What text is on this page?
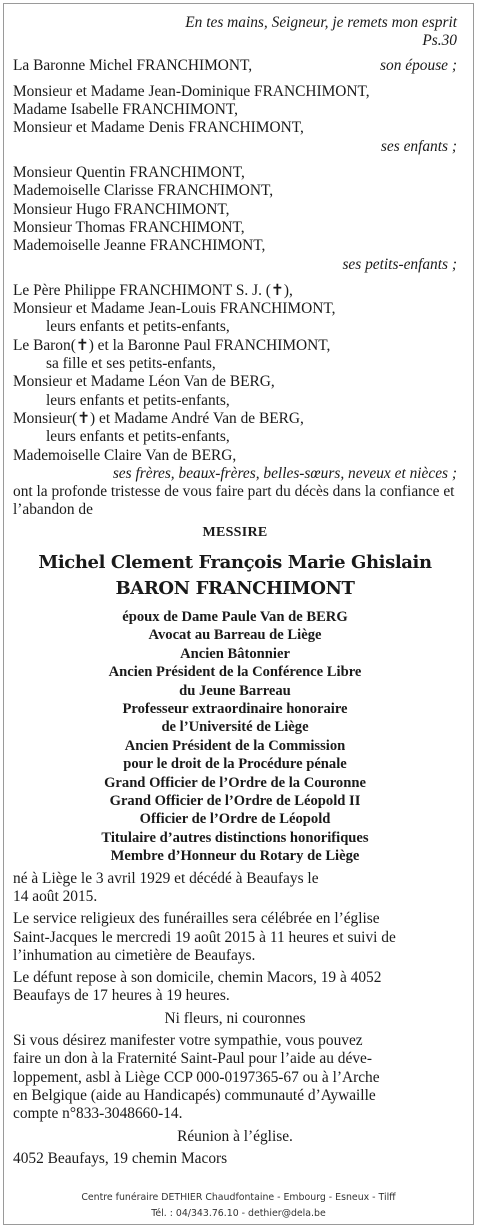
En tes mains, Seigneur, je remets mon esprit
Ps.30
La Baronne Michel FRANCHIMONT,	son épouse ;
Monsieur et Madame Jean-Dominique FRANCHIMONT,
Madame Isabelle FRANCHIMONT,
Monsieur et Madame Denis FRANCHIMONT,
ses enfants ;
Monsieur Quentin FRANCHIMONT,
Mademoiselle Clarisse FRANCHIMONT,
Monsieur Hugo FRANCHIMONT,
Monsieur Thomas FRANCHIMONT,
Mademoiselle Jeanne FRANCHIMONT,
ses petits-enfants ;
Le Père Philippe FRANCHIMONT S. J. (✝),
Monsieur et Madame Jean-Louis FRANCHIMONT,
leurs enfants et petits-enfants,
Le Baron(✝) et la Baronne Paul FRANCHIMONT,
sa fille et ses petits-enfants,
Monsieur et Madame Léon Van de BERG,
leurs enfants et petits-enfants,
Monsieur(✝) et Madame André Van de BERG,
leurs enfants et petits-enfants,
Mademoiselle Claire Van de BERG,
ses frères, beaux-frères, belles-sœurs, neveux et nièces ;
ont la profonde tristesse de vous faire part du décès dans la confiance et l’abandon de
MESSIRE
Michel Clement François Marie Ghislain
BARON FRANCHIMONT
époux de Dame Paule Van de BERG
Avocat au Barreau de Liège
Ancien Bâtonnier
Ancien Président de la Conférence Libre
du Jeune Barreau
Professeur extraordinaire honoraire
de l’Université de Liège
Ancien Président de la Commission
pour le droit de la Procédure pénale
Grand Officier de l’Ordre de la Couronne
Grand Officier de l’Ordre de Léopold II
Officier de l’Ordre de Léopold
Titulaire d’autres distinctions honorifiques
Membre d’Honneur du Rotary de Liège
né à Liège le 3 avril 1929 et décédé à Beaufays le
14 août 2015.
Le service religieux des funérailles sera célébrée en l’église
Saint-Jacques le mercredi 19 août 2015 à 11 heures et suivi de
l’inhumation au cimetière de Beaufays.
Le défunt repose à son domicile, chemin Macors, 19 à 4052
Beaufays de 17 heures à 19 heures.
Ni fleurs, ni couronnes
Si vous désirez manifester votre sympathie, vous pouvez
faire un don à la Fraternité Saint-Paul pour l’aide au déve-
loppement, asbl à Liège CCP 000-0197365-67 ou à l’Arche
en Belgique (aide au Handicapés) communauté d’Aywaille
compte n°833-3048660-14.
Réunion à l’église.
4052 Beaufays, 19 chemin Macors
Centre funéraire DETHIER Chaudfontaine - Embourg - Esneux - Tilff
Tél. : 04/343.76.10 - dethier@dela.be
